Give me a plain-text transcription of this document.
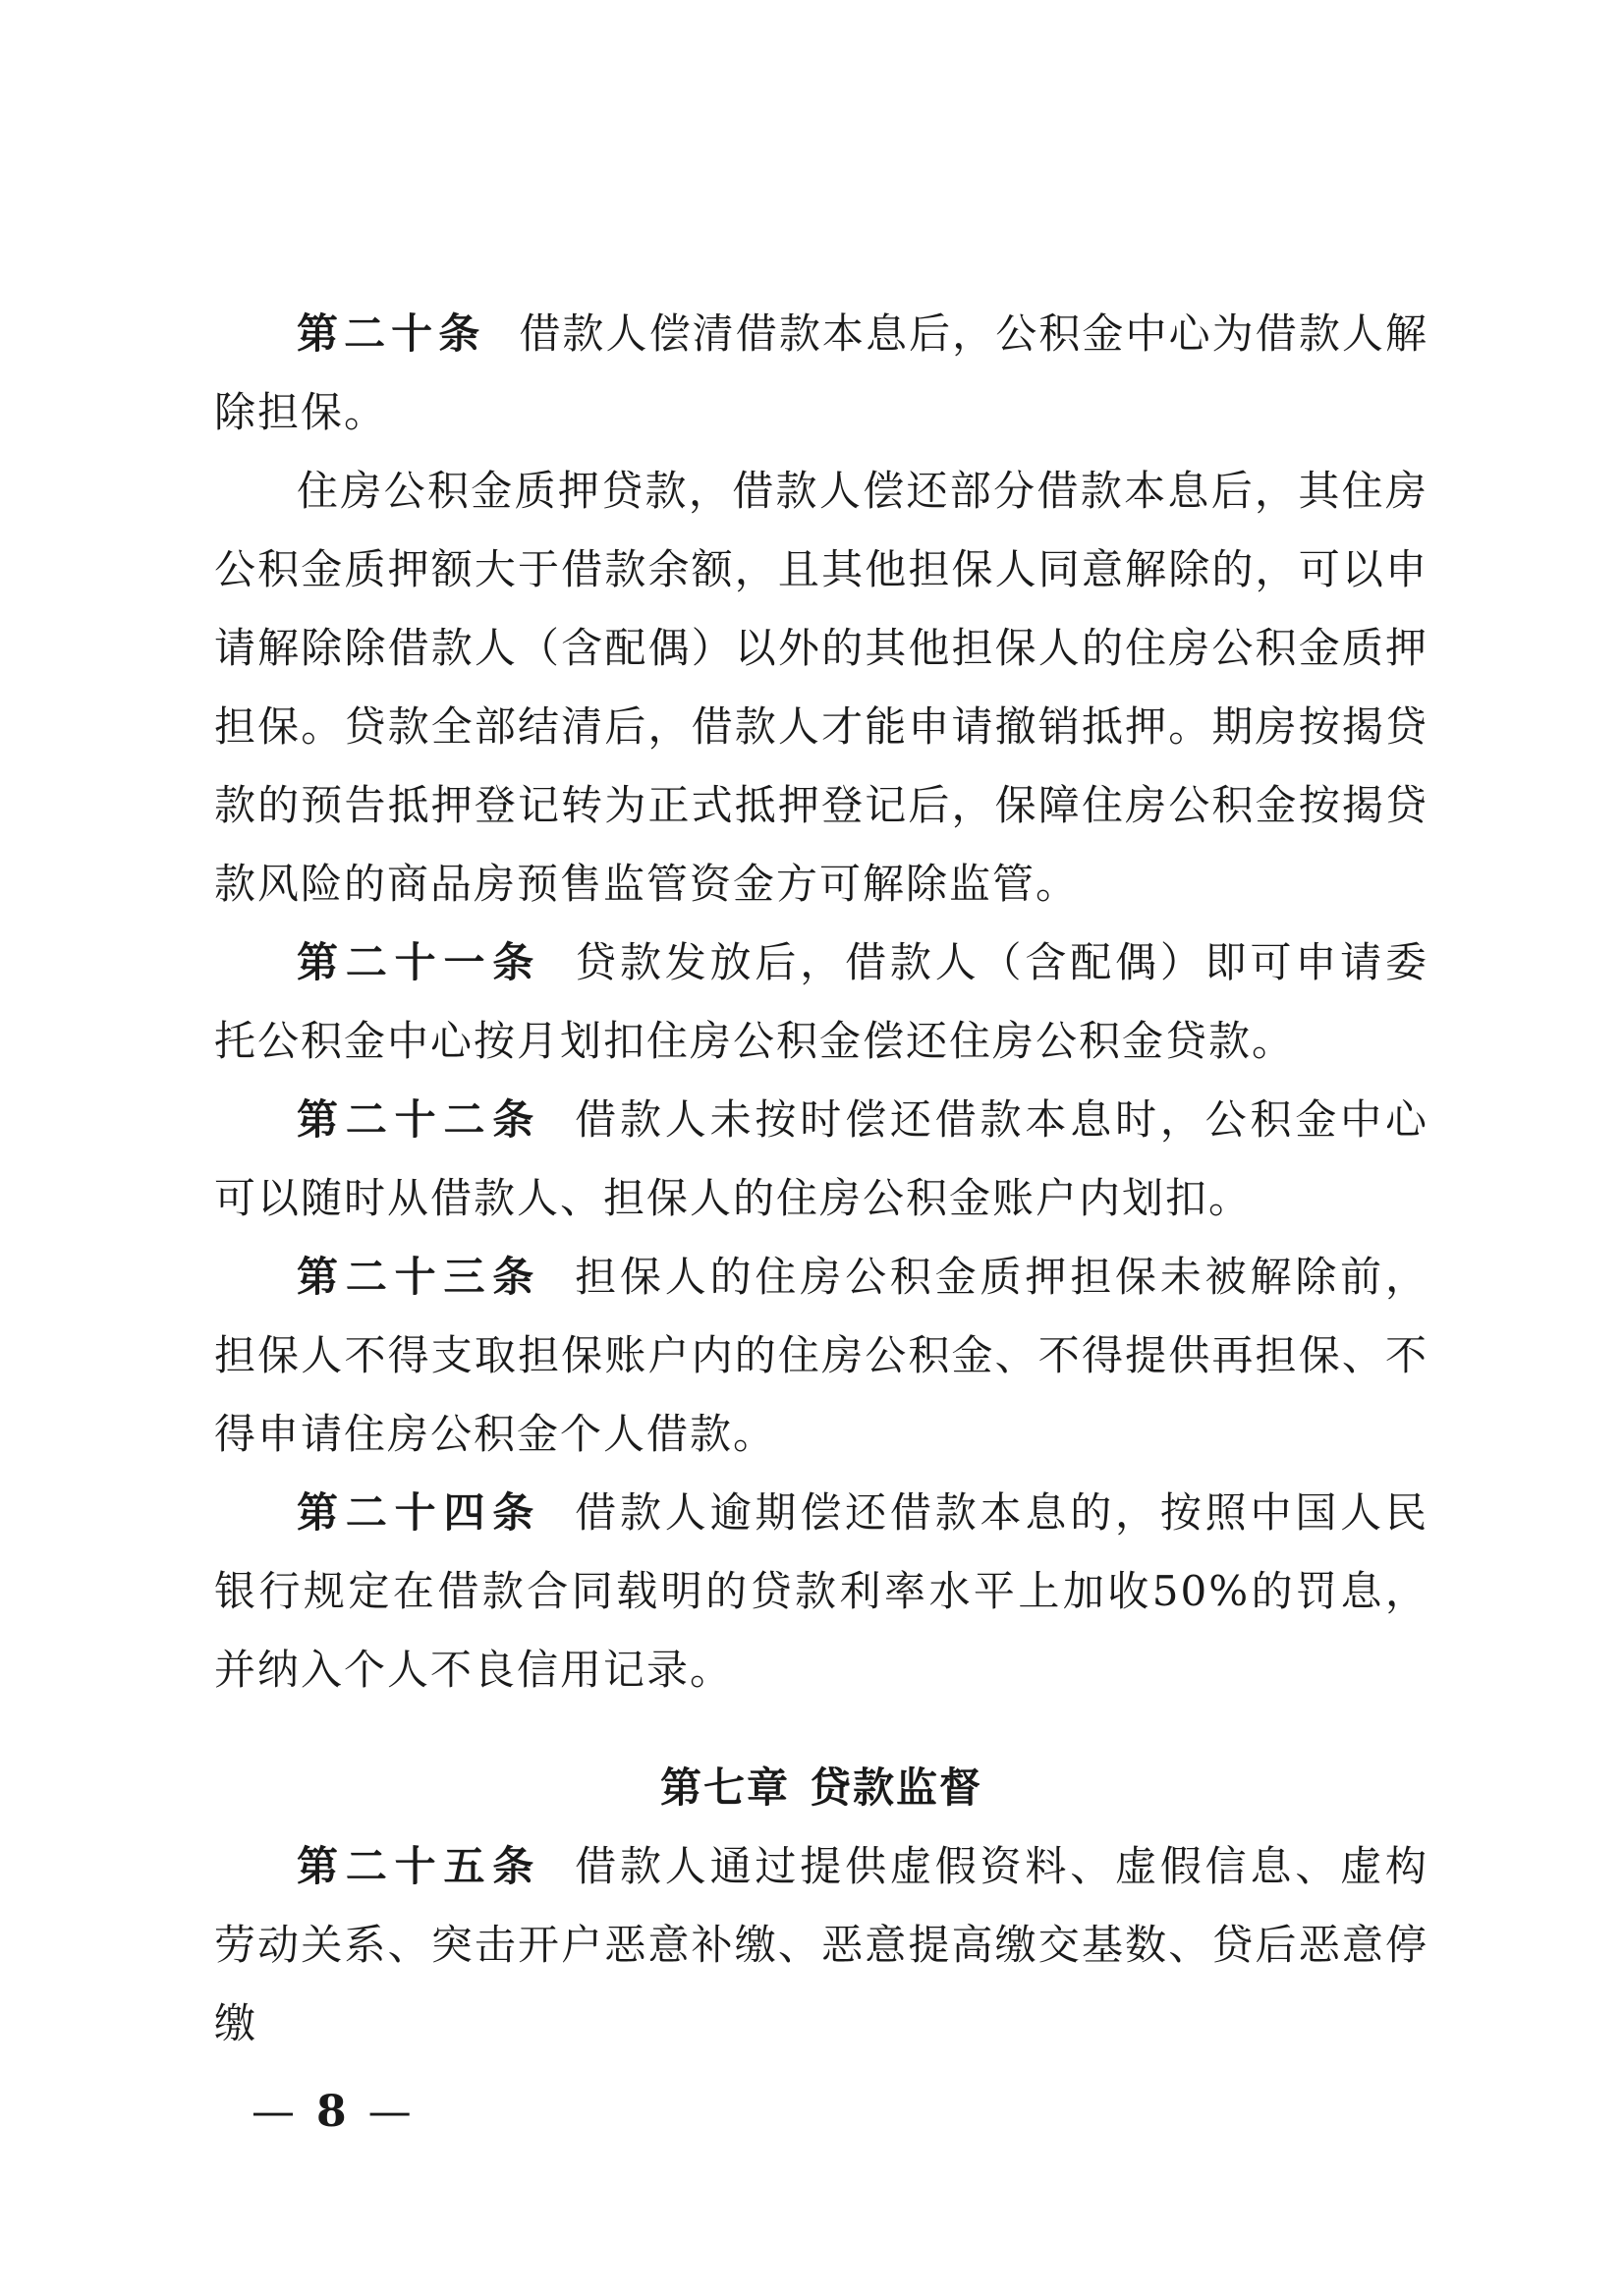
第二十条 借款人偿清借款本息后，公积金中心为借款人解除担保。

住房公积金质押贷款，借款人偿还部分借款本息后，其住房公积金质押额大于借款余额，且其他担保人同意解除的，可以申请解除除借款人（含配偶）以外的其他担保人的住房公积金质押担保。贷款全部结清后，借款人才能申请撤销抵押。期房按揭贷款的预告抵押登记转为正式抵押登记后，保障住房公积金按揭贷款风险的商品房预售监管资金方可解除监管。

第二十一条 贷款发放后，借款人（含配偶）即可申请委托公积金中心按月划扣住房公积金偿还住房公积金贷款。

第二十二条 借款人未按时偿还借款本息时，公积金中心可以随时从借款人、担保人的住房公积金账户内划扣。

第二十三条 担保人的住房公积金质押担保未被解除前，担保人不得支取担保账户内的住房公积金、不得提供再担保、不得申请住房公积金个人借款。

第二十四条 借款人逾期偿还借款本息的，按照中国人民银行规定在借款合同载明的贷款利率水平上加收50%的罚息，并纳入个人不良信用记录。

第七章 贷款监督

第二十五条 借款人通过提供虚假资料、虚假信息、虚构劳动关系、突击开户恶意补缴、恶意提高缴交基数、贷后恶意停缴

— 8 —
